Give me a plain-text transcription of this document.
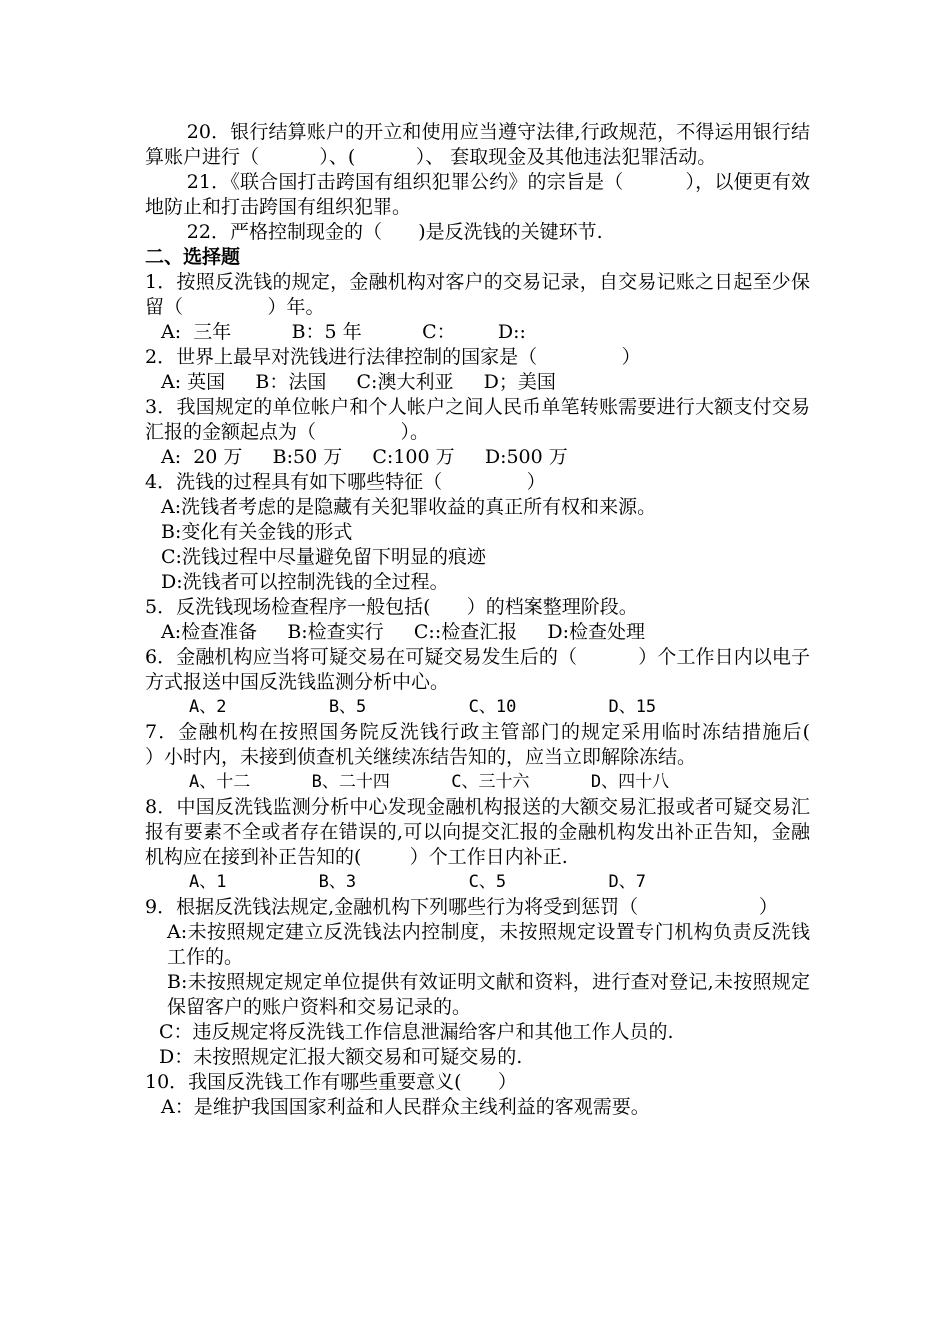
20．银行结算账户的开立和使用应当遵守法律,行政规范，不得运用银行结算账户进行（          ）、(          ）、 套取现金及其他违法犯罪活动。

21．《联合国打击跨国有组织犯罪公约》的宗旨是（          ），以便更有效地防止和打击跨国有组织犯罪。

22．严格控制现金的（      )是反洗钱的关键环节.

二、选择题

1．按照反洗钱的规定，金融机构对客户的交易记录，自交易记账之日起至少保留（              ）年。

A:  三年          B：5 年          C：       D::

2．世界上最早对洗钱进行法律控制的国家是（              ）

A: 英国     B：法国     C:澳大利亚     D；美国

3．我国规定的单位帐户和个人帐户之间人民币单笔转账需要进行大额支付交易汇报的金额起点为（              ）。

A:  20 万     B:50 万     C:100 万     D:500 万

4．洗钱的过程具有如下哪些特征（              ）

A:洗钱者考虑的是隐藏有关犯罪收益的真正所有权和来源。

B:变化有关金钱的形式

C:洗钱过程中尽量避免留下明显的痕迹

D:洗钱者可以控制洗钱的全过程。

5．反洗钱现场检查程序一般包括(      ）的档案整理阶段。

A:检查准备     B:检查实行     C::检查汇报     D:检查处理

6．金融机构应当将可疑交易在可疑交易发生后的（          ）个工作日内以电子方式报送中国反洗钱监测分析中心。

A、2          B、5          C、10         D、15

7．金融机构在按照国务院反洗钱行政主管部门的规定采用临时冻结措施后(        ）小时内，未接到侦查机关继续冻结告知的，应当立即解除冻结。

A、十二      B、二十四      C、三十六      D、四十八

8．中国反洗钱监测分析中心发现金融机构报送的大额交易汇报或者可疑交易汇报有要素不全或者存在错误的,可以向提交汇报的金融机构发出补正告知，金融机构应在接到补正告知的(        ）个工作日内补正.

A、1         B、3           C、5          D、7

9．根据反洗钱法规定,金融机构下列哪些行为将受到惩罚（                    ）

A:未按照规定建立反洗钱法内控制度，未按照规定设置专门机构负责反洗钱工作的。

B:未按照规定规定单位提供有效证明文献和资料，进行查对登记,未按照规定保留客户的账户资料和交易记录的。

C：违反规定将反洗钱工作信息泄漏给客户和其他工作人员的.

D：未按照规定汇报大额交易和可疑交易的.

10．我国反洗钱工作有哪些重要意义(      ）

A：是维护我国国家利益和人民群众主线利益的客观需要。
